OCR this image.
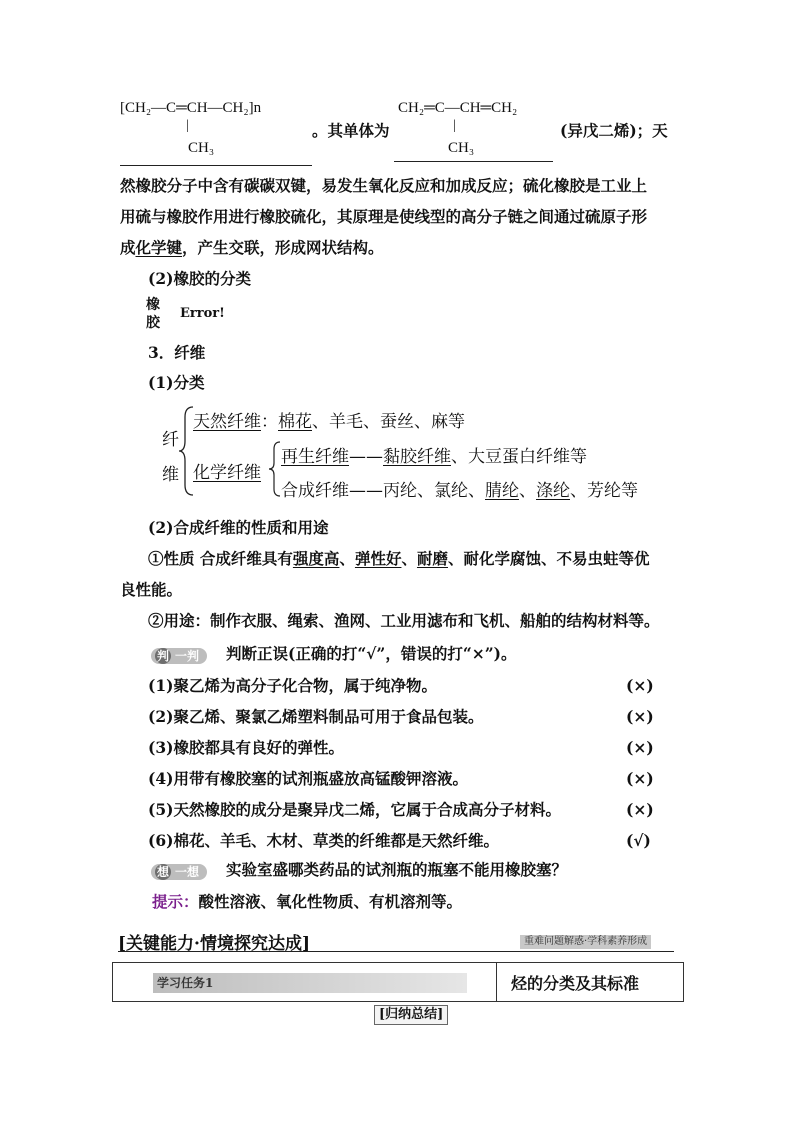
[CH₂—C═CH—CH₂]n
|
CH₃
。其单体为
CH₂═C—CH═CH₂
|
CH₃
(异戊二烯)；天
然橡胶分子中含有碳碳双键，易发生氧化反应和加成反应；硫化橡胶是工业上
用硫与橡胶作用进行橡胶硫化，其原理是使线型的高分子链之间通过硫原子形
成化学键，产生交联，形成网状结构。
(2)橡胶的分类
橡
胶
Error!
3．纤维
(1)分类
纤
维
天然纤维：棉花、羊毛、蚕丝、麻等
化学纤维
再生纤维——黏胶纤维、大豆蛋白纤维等
合成纤维——丙纶、氯纶、腈纶、涤纶、芳纶等
(2)合成纤维的性质和用途
①性质 合成纤维具有强度高、弹性好、耐磨、耐化学腐蚀、不易虫蛀等优
良性能。
②用途：制作衣服、绳索、渔网、工业用滤布和飞机、船舶的结构材料等。
判 一判	判断正误(正确的打“√”，错误的打“×”)。
(1)聚乙烯为高分子化合物，属于纯净物。	(×)
(2)聚乙烯、聚氯乙烯塑料制品可用于食品包装。	(×)
(3)橡胶都具有良好的弹性。	(×)
(4)用带有橡胶塞的试剂瓶盛放高锰酸钾溶液。	(×)
(5)天然橡胶的成分是聚异戊二烯，它属于合成高分子材料。	(×)
(6)棉花、羊毛、木材、草类的纤维都是天然纤维。	(√)
想 一想	实验室盛哪类药品的试剂瓶的瓶塞不能用橡胶塞？
提示：酸性溶液、氧化性物质、有机溶剂等。
[关键能力·情境探究达成]	重难问题解惑·学科素养形成
学习任务1	烃的分类及其标准
[归纳总结]
